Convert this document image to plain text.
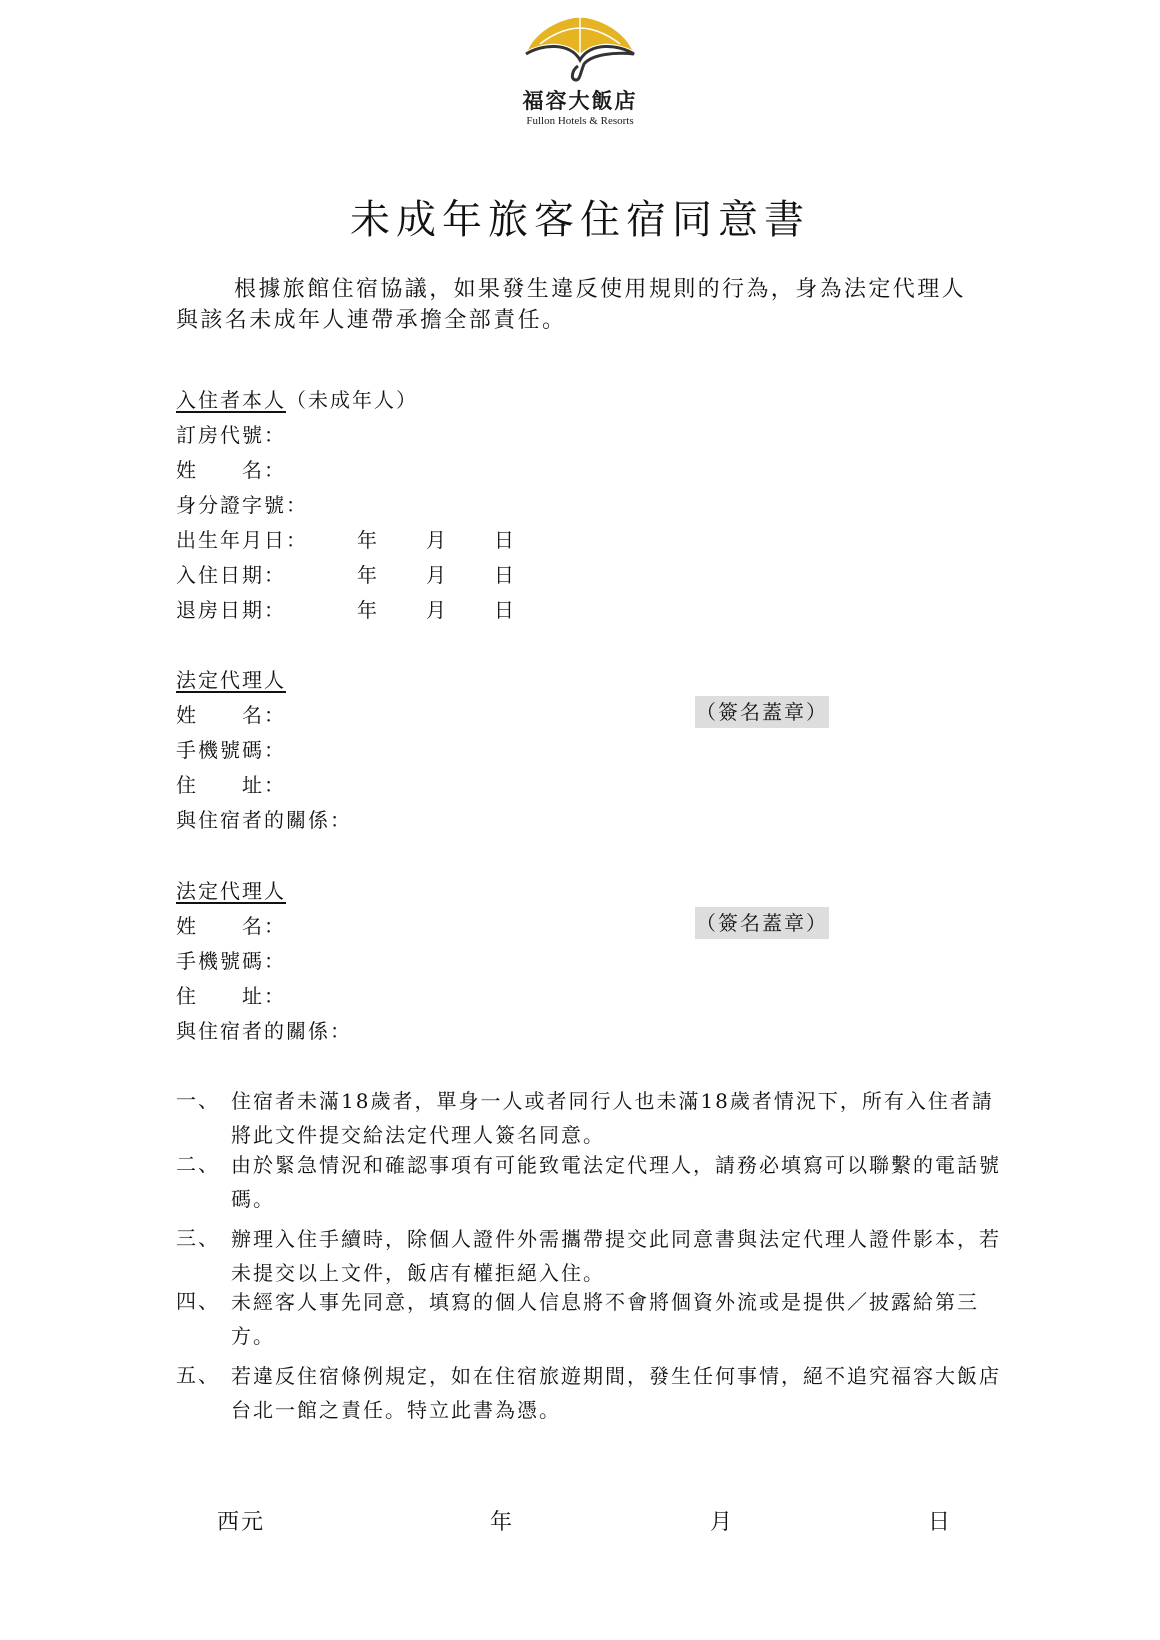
福容大飯店
Fullon Hotels & Resorts
未成年旅客住宿同意書
根據旅館住宿協議，如果發生違反使用規則的行為，身為法定代理人與該名未成年人連帶承擔全部責任。
入住者本人（未成年人）
訂房代號：
姓　　名：
身分證字號：
出生年月日： 年 月 日
入住日期：	年 月 日
退房日期：	年 月 日
法定代理人
姓　　名：	（簽名蓋章）
手機號碼：
住　　址：
與住宿者的關係：
法定代理人
姓　　名：	（簽名蓋章）
手機號碼：
住　　址：
與住宿者的關係：
一、 住宿者未滿18歲者，單身一人或者同行人也未滿18歲者情況下，所有入住者請將此文件提交給法定代理人簽名同意。
二、 由於緊急情況和確認事項有可能致電法定代理人，請務必填寫可以聯繫的電話號碼。
三、 辦理入住手續時，除個人證件外需攜帶提交此同意書與法定代理人證件影本，若未提交以上文件，飯店有權拒絕入住。
四、 未經客人事先同意，填寫的個人信息將不會將個資外流或是提供／披露給第三方。
五、 若違反住宿條例規定，如在住宿旅遊期間，發生任何事情，絕不追究福容大飯店台北一館之責任。特立此書為憑。
西元	年	月	日
